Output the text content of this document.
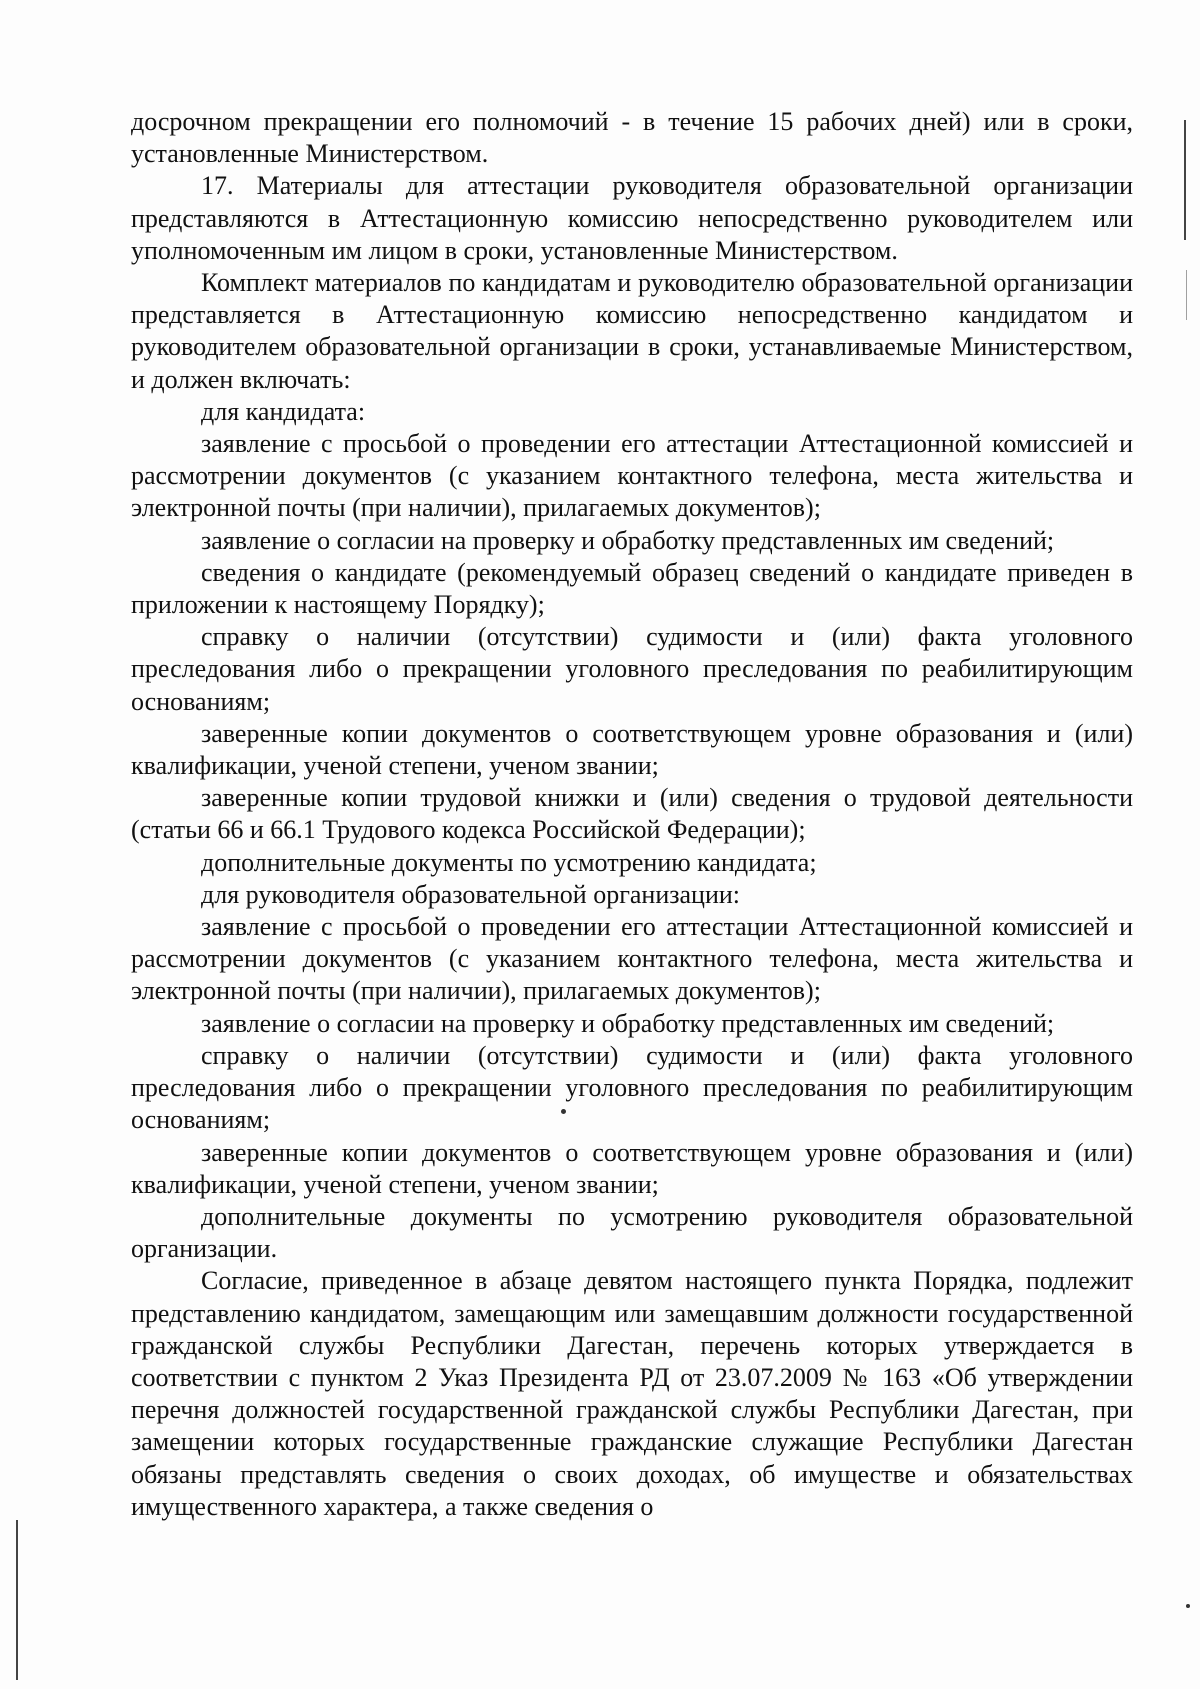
досрочном прекращении его полномочий - в течение 15 рабочих дней) или в сроки, установленные Министерством.

17. Материалы для аттестации руководителя образовательной организации представляются в Аттестационную комиссию непосредственно руководителем или уполномоченным им лицом в сроки, установленные Министерством.

Комплект материалов по кандидатам и руководителю образовательной организации представляется в Аттестационную комиссию непосредственно кандидатом и руководителем образовательной организации в сроки, устанавливаемые Министерством, и должен включать:

для кандидата:

заявление с просьбой о проведении его аттестации Аттестационной комиссией и рассмотрении документов (с указанием контактного телефона, места жительства и электронной почты (при наличии), прилагаемых документов);

заявление о согласии на проверку и обработку представленных им сведений;

сведения о кандидате (рекомендуемый образец сведений о кандидате приведен в приложении к настоящему Порядку);

справку о наличии (отсутствии) судимости и (или) факта уголовного преследования либо о прекращении уголовного преследования по реабилитирующим основаниям;

заверенные копии документов о соответствующем уровне образования и (или) квалификации, ученой степени, ученом звании;

заверенные копии трудовой книжки и (или) сведения о трудовой деятельности (статьи 66 и 66.1 Трудового кодекса Российской Федерации);

дополнительные документы по усмотрению кандидата;

для руководителя образовательной организации:

заявление с просьбой о проведении его аттестации Аттестационной комиссией и рассмотрении документов (с указанием контактного телефона, места жительства и электронной почты (при наличии), прилагаемых документов);

заявление о согласии на проверку и обработку представленных им сведений;

справку о наличии (отсутствии) судимости и (или) факта уголовного преследования либо о прекращении уголовного преследования по реабилитирующим основаниям;

заверенные копии документов о соответствующем уровне образования и (или) квалификации, ученой степени, ученом звании;

дополнительные документы по усмотрению руководителя образовательной организации.

Согласие, приведенное в абзаце девятом настоящего пункта Порядка, подлежит представлению кандидатом, замещающим или замещавшим должности государственной гражданской службы Республики Дагестан, перечень которых утверждается в соответствии с пунктом 2 Указ Президента РД от 23.07.2009 № 163 «Об утверждении перечня должностей государственной гражданской службы Республики Дагестан, при замещении которых государственные гражданские служащие Республики Дагестан обязаны представлять сведения о своих доходах, об имуществе и обязательствах имущественного характера, а также сведения о
